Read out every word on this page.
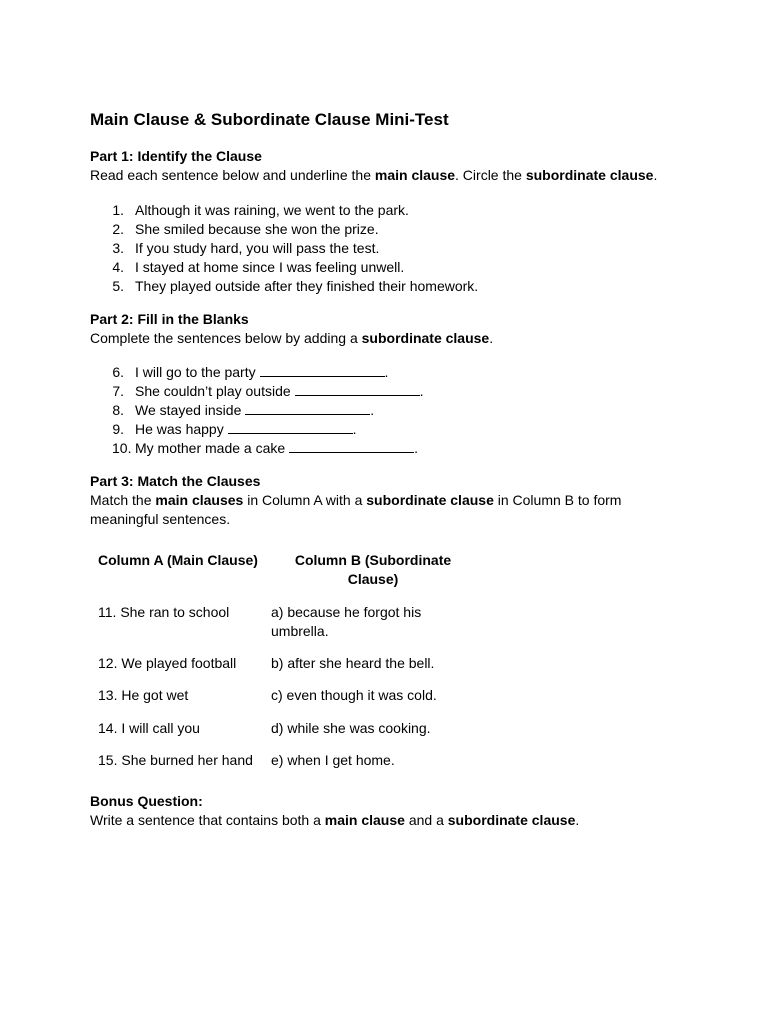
Main Clause & Subordinate Clause Mini-Test
Part 1: Identify the Clause
Read each sentence below and underline the main clause. Circle the subordinate clause.
1. Although it was raining, we went to the park.
2. She smiled because she won the prize.
3. If you study hard, you will pass the test.
4. I stayed at home since I was feeling unwell.
5. They played outside after they finished their homework.
Part 2: Fill in the Blanks
Complete the sentences below by adding a subordinate clause.
6. I will go to the party	.
7. She couldn’t play outside	.
8. We stayed inside	.
9. He was happy	.
10. My mother made a cake	.
Part 3: Match the Clauses
Match the main clauses in Column A with a subordinate clause in Column B to form
meaningful sentences.
Column A (Main Clause)	Column B (Subordinate Clause)
11. She ran to school	a) because he forgot his umbrella.
12. We played football	b) after she heard the bell.
13. He got wet	c) even though it was cold.
14. I will call you	d) while she was cooking.
15. She burned her hand	e) when I get home.
Bonus Question:
Write a sentence that contains both a main clause and a subordinate clause.
